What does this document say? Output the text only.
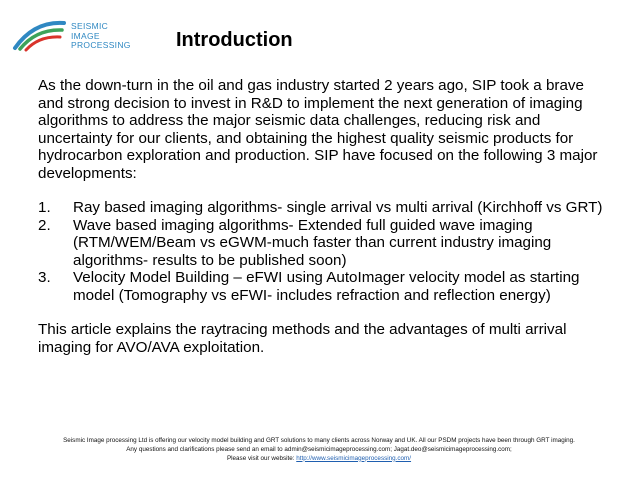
SEISMIC
IMAGE
PROCESSING Introduction

As the down-turn in the oil and gas industry started 2 years ago, SIP took a brave and strong decision to invest in R&D to implement the next generation of imaging algorithms to address the major seismic data challenges, reducing risk and uncertainty for our clients, and obtaining the highest quality seismic products for hydrocarbon exploration and production. SIP have focused on the following 3 major developments:

1. Ray based imaging algorithms- single arrival vs multi arrival (Kirchhoff vs GRT)
2. Wave based imaging algorithms- Extended full guided wave imaging (RTM/WEM/Beam vs eGWM-much faster than current industry imaging algorithms- results to be published soon)
3. Velocity Model Building – eFWI using AutoImager velocity model as starting model (Tomography vs eFWI- includes refraction and reflection energy)

This article explains the raytracing methods and the advantages of multi arrival imaging for AVO/AVA exploitation.

Seismic Image processing Ltd is offering our velocity model building and GRT solutions to many clients across Norway and UK. All our PSDM projects have been through GRT imaging.
Any questions and clarifications please send an email to admin@seismicimageprocessing.com; Jagat.deo@seismicimageprocessing.com;
Please visit our website: http://www.seismicimageprocessing.com/
